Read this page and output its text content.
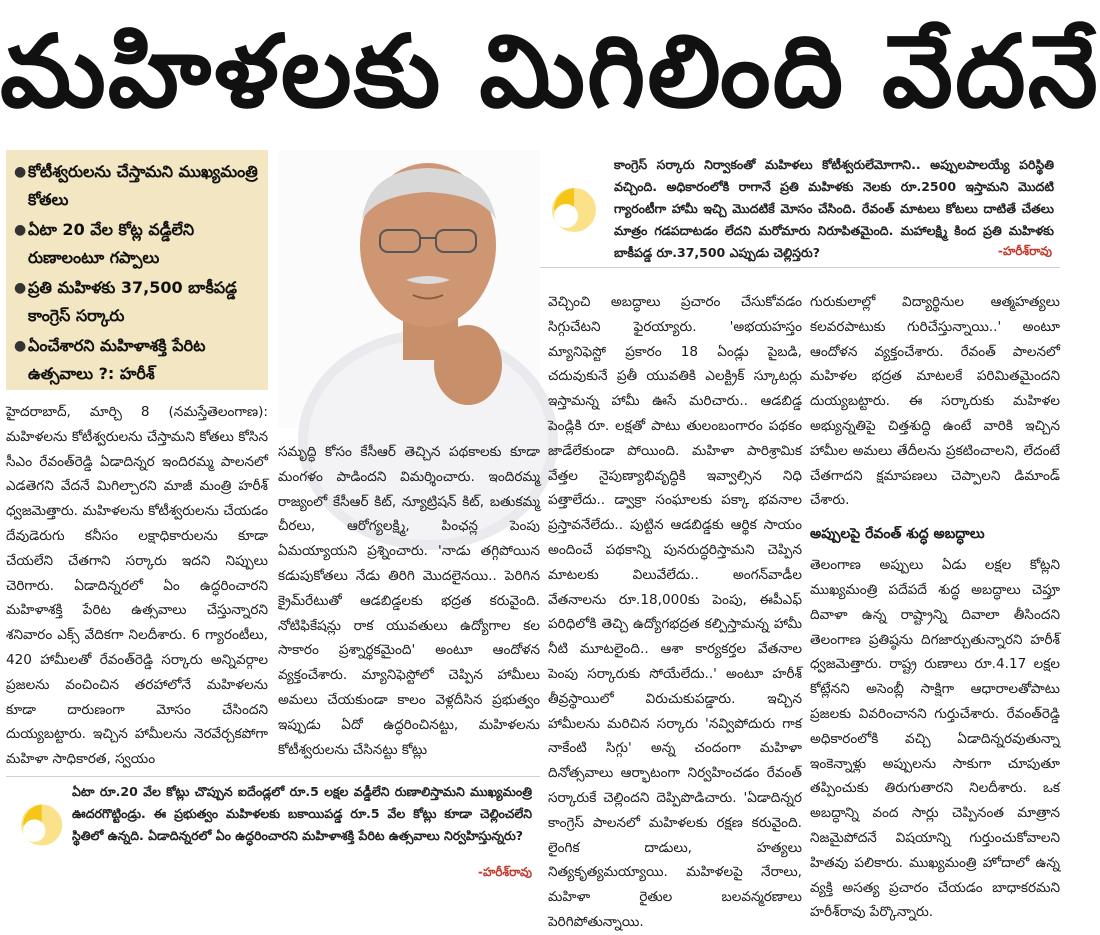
మహిళలకు మిగిలింది వేదనే
● కోటీశ్వరులను చేస్తామని ముఖ్యమంత్రి కోతలు
● ఏటా 20 వేల కోట్ల వడ్డీలేని రుణాలంటూ గప్పాలు
● ప్రతి మహిళకు 37,500 బాకీపడ్డ కాంగ్రెస్ సర్కారు
● ఏంచేశారని మహిళాశక్తి పేరిట ఉత్సవాలు ?: హరీశ్
కాంగ్రెస్ సర్కారు నిర్వాకంతో మహిళలు కోటీశ్వరులేమోగాని.. అప్పులపాలయ్యే పరిస్థితి వచ్చింది. అధికారంలోకి రాగానే ప్రతి మహిళకు నెలకు రూ.2500 ఇస్తామని మొదటి గ్యారంటీగా హామీ ఇచ్చి మొదటికే మోసం చేసింది. రేవంత్ మాటలు కోటలు దాటితే చేతలు మాత్రం గడపదాటడం లేదని మరోమారు నిరూపితమైంది. మహాలక్ష్మి కింద ప్రతి మహిళకు బాకీపడ్డ రూ.37,500 ఎప్పుడు చెల్లిస్తరు?	-హరీశ్‌రావు

హైదరాబాద్, మార్చి 8 (నమస్తేతెలంగాణ): మహిళలను కోటీశ్వరులను చేస్తామని కోతలు కోసిన సీఎం రేవంత్‌రెడ్డి ఏడాదిన్నర ఇందిరమ్మ పాలనలో ఎడతెగని వేదనే మిగిల్చారని మాజీ మంత్రి హరీశ్ ధ్వజమెత్తారు. మహిళలను కోటీశ్వరులను చేయడం దేవుడెరుగు కనీసం లక్షాధికారులను కూడా చేయలేని చేతగాని సర్కారు ఇదని నిప్పులు చెరిగారు. ఏడాదిన్నరలో ఏం ఉద్ధరించారని మహిళాశక్తి పేరిట ఉత్సవాలు చేస్తున్నారని శనివారం ఎక్స్ వేదికగా నిలదీశారు. 6 గ్యారంటీలు, 420 హామీలతో రేవంత్‌రెడ్డి సర్కారు అన్నివర్గాల ప్రజలను వంచించిన తరహాలోనే మహిళలను కూడా దారుణంగా మోసం చేసిందని దుయ్యబట్టారు. ఇచ్చిన హామీలను నెరవేర్చకపోగా మహిళా సాధికారత, స్వయం

సమృద్ధి కోసం కేసీఆర్ తెచ్చిన పథకాలకు కూడా మంగళం పాడిందని విమర్శించారు. ఇందిరమ్మ రాజ్యంలో కేసీఆర్ కిట్, న్యూట్రిషన్ కిట్, బతుకమ్మ చీరలు, ఆరోగ్యలక్ష్మి, పింఛన్ల పెంపు ఏమయ్యాయని ప్రశ్నించారు. 'నాడు తగ్గిపోయిన కడుపుకోతలు నేడు తిరిగి మొదలైనయి.. పెరిగిన క్రైమ్‌రేటుతో ఆడబిడ్డలకు భద్రత కరువైంది. నోటిఫికేషన్లు రాక యువతులు ఉద్యోగాల కల సాకారం ప్రశ్నార్థకమైంది' అంటూ ఆందోళన వ్యక్తంచేశారు. మ్యానిఫెస్టోలో చెప్పిన హామీలు అమలు చేయకుండా కాలం వెళ్లదీసిన ప్రభుత్వం ఇప్పుడు ఏదో ఉద్ధరించినట్టు, మహిళలను కోటీశ్వరులను చేసినట్టు కోట్లు

వెచ్చించి అబద్ధాలు ప్రచారం చేసుకోవడం సిగ్గుచేటని ఫైరయ్యారు. 'అభయహస్తం మ్యానిఫెస్టో ప్రకారం 18 ఏండ్లు పైబడి, చదువుకునే ప్రతీ యువతికి ఎలక్ట్రిక్ స్కూటర్లు ఇస్తామన్న హామీ ఊసే మరిచారు.. ఆడబిడ్డ పెండ్లికి రూ. లక్షతో పాటు తులంబంగారం పథకం జాడేలేకుండా పోయింది. మహిళా పారిశ్రామిక వేత్తల నైపుణ్యాభివృద్ధికి ఇవ్వాల్సిన నిధి పత్తాలేదు.. డ్వాక్రా సంఘాలకు పక్కా భవనాల ప్రస్తావనేలేదు.. పుట్టిన ఆడబిడ్డకు ఆర్థిక సాయం అందించే పథకాన్ని పునరుద్ధరిస్తామని చెప్పిన మాటలకు విలువేలేదు.. అంగన్‌వాడీల వేతనాలను రూ.18,000కు పెంపు, ఈపీఎఫ్ పరిధిలోకి తెచ్చి ఉద్యోగభద్రత కల్పిస్తామన్న హామీ నీటి మూటలైంది.. ఆశా కార్యకర్తల వేతనాల పెంపు సర్కారుకు సోయేలేదు..' అంటూ హరీశ్ తీవ్రస్థాయిలో విరుచుకుపడ్డారు. ఇచ్చిన హామీలను మరిచిన సర్కారు 'నవ్విపోదురు గాక నాకేంటి సిగ్గు' అన్న చందంగా మహిళా దినోత్సవాలు ఆర్భాటంగా నిర్వహించడం రేవంత్ సర్కారుకే చెల్లిందని దెప్పిపొడిచారు. 'ఏడాదిన్నర కాంగ్రెస్ పాలనలో మహిళలకు రక్షణ కరువైంది. లైంగిక దాడులు, హత్యలు నిత్యకృత్యమయ్యాయి. మహిళలపై నేరాలు, మహిళా రైతుల బలవన్మరణాలు పెరిగిపోతున్నాయి.

గురుకులాల్లో విద్యార్థినుల ఆత్మహత్యలు కలవరపాటుకు గురిచేస్తున్నాయి..' అంటూ ఆందోళన వ్యక్తంచేశారు. రేవంత్ పాలనలో మహిళల భద్రత మాటలకే పరిమితమైందని దుయ్యబట్టారు. ఈ సర్కారుకు మహిళల అభ్యున్నతిపై చిత్తశుద్ధి ఉంటే వారికి ఇచ్చిన హామీల అమలు తేదీలను ప్రకటించాలని, లేదంటే చేతగాదని క్షమాపణలు చెప్పాలని డిమాండ్ చేశారు.

అప్పులపై రేవంత్ శుద్ధ అబద్ధాలు

తెలంగాణ అప్పులు ఏడు లక్షల కోట్లని ముఖ్యమంత్రి పదేపదే శుద్ధ అబద్ధాలు చెప్తూ దివాళా ఉన్న రాష్ట్రాన్ని దివాలా తీసిందని తెలంగాణ ప్రతిష్ఠను దిగజార్చుతున్నారని హరీశ్ ధ్వజమెత్తారు. రాష్ట్ర రుణాలు రూ.4.17 లక్షల కోట్లేనని అసెంబ్లీ సాక్షిగా ఆధారాలతోపాటు ప్రజలకు వివరించానని గుర్తుచేశారు. రేవంత్‌రెడ్డి అధికారంలోకి వచ్చి ఏడాదిన్నరవుతున్నా ఇంకెన్నాళ్లు అప్పులను సాకుగా చూపుతూ తప్పించుకు తిరుగుతారని నిలదీశారు. ఒక అబద్ధాన్ని వంద సార్లు చెప్పినంత మాత్రాన నిజమైపోదనే విషయాన్ని గుర్తుంచుకోవాలని హితవు పలికారు. ముఖ్యమంత్రి హోదాలో ఉన్న వ్యక్తి అసత్య ప్రచారం చేయడం బాధాకరమని హరీశ్‌రావు పేర్కొన్నారు.

ఏటా రూ.20 వేల కోట్లు చొప్పున ఐదేండ్లలో రూ.5 లక్షల వడ్డీలేని రుణాలిస్తామని ముఖ్యమంత్రి ఊదరగొట్టిండ్రు. ఈ ప్రభుత్వం మహిళలకు బకాయిపడ్డ రూ.5 వేల కోట్లు కూడా చెల్లించలేని స్థితిలో ఉన్నది. ఏడాదిన్నరలో ఏం ఉద్ధరించారని మహిళాశక్తి పేరిట ఉత్సవాలు నిర్వహిస్తున్నరు?
-హరీశ్‌రావు
